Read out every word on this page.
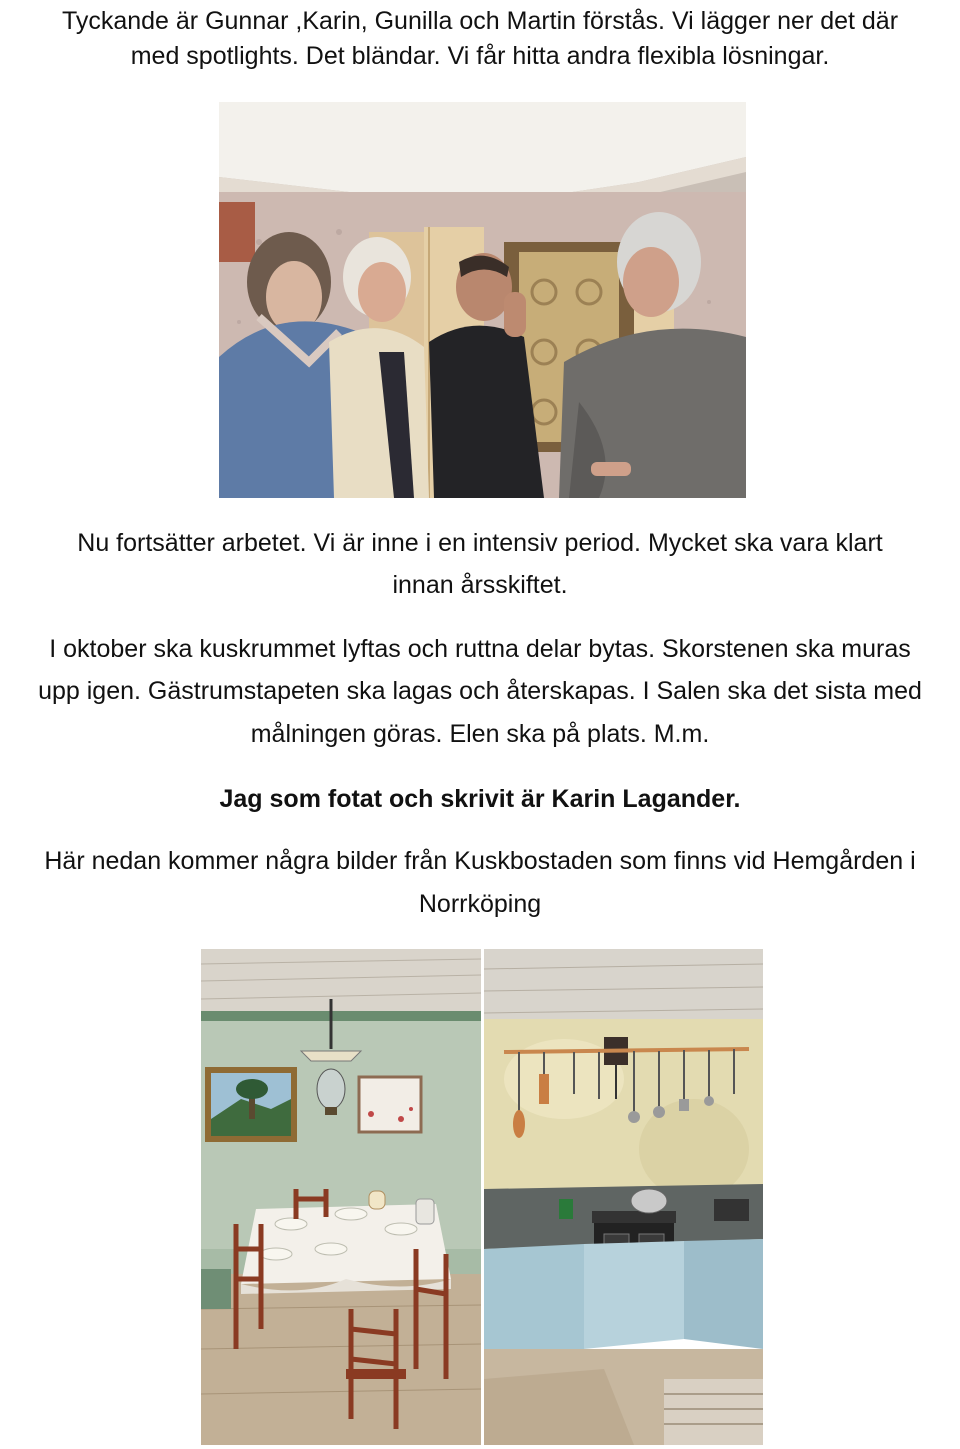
Tyckande är Gunnar ,Karin, Gunilla och Martin förstås. Vi lägger ner det där

med spotlights. Det bländar. Vi får hitta andra flexibla lösningar.

Nu fortsätter arbetet. Vi är inne i en intensiv period. Mycket ska vara klart

innan årsskiftet.

I oktober ska kuskrummet lyftas och ruttna delar bytas. Skorstenen ska muras

upp igen. Gästrumstapeten ska lagas och återskapas. I Salen ska det sista med

målningen göras. Elen ska på plats. M.m.

Jag som fotat och skrivit är Karin Lagander.

Här nedan kommer några bilder från Kuskbostaden som finns vid Hemgården i

Norrköping
